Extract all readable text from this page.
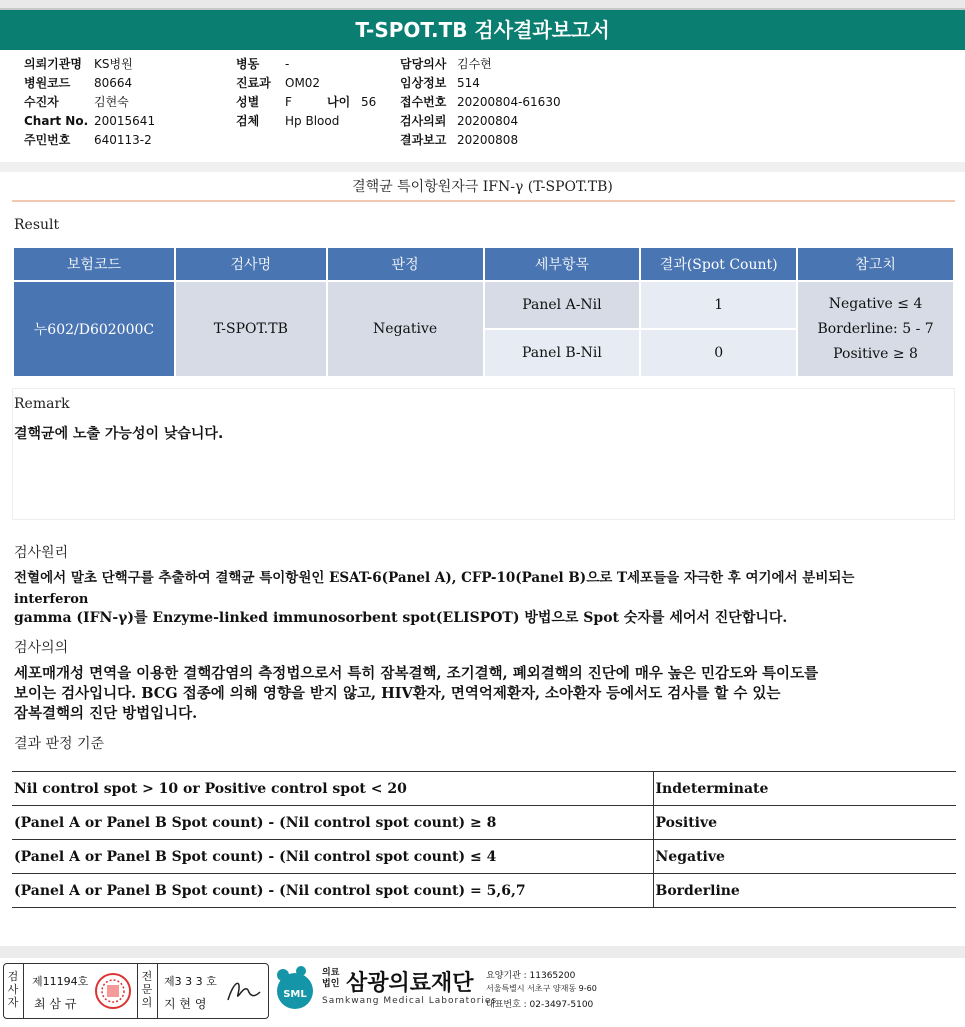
T-SPOT.TB 검사결과보고서
의뢰기관명 KS병원
병원코드 80664
수진자	김현숙
Chart No. 20015641
주민번호 640113-2
병동 -
진료과 OM02
성별 F	나이 56
검체 Hp Blood
담당의사 김수현
임상정보 514
접수번호 20200804-61630
검사의뢰 20200804
결과보고 20200808
결핵균 특이항원자극 IFN-γ (T-SPOT.TB)
Result
보험코드	검사명	판정	세부항목	결과(Spot Count)	참고치
누602/D602000C	T-SPOT.TB	Negative	Panel A-Nil	1	Negative ≤ 4
Borderline: 5 - 7
Positive ≥ 8

			Panel B-Nil	0	
Remark
결핵균에 노출 가능성이 낮습니다.
검사원리
전혈에서 말초 단핵구를 추출하여 결핵균 특이항원인 ESAT-6(Panel A), CFP-10(Panel B)으로 T세포들을 자극한 후 여기에서 분비되는
interferon
gamma (IFN-γ)를 Enzyme-linked immunosorbent spot(ELISPOT) 방법으로 Spot 숫자를 세어서 진단합니다.
검사의의
세포매개성 면역을 이용한 결핵감염의 측정법으로서 특히 잠복결핵, 조기결핵, 폐외결핵의 진단에 매우 높은 민감도와 특이도를
보이는 검사입니다. BCG 접종에 의해 영향을 받지 않고, HIV환자, 면역억제환자, 소아환자 등에서도 검사를 할 수 있는
잠복결핵의 진단 방법입니다.
결과 판정 기준
Nil control spot > 10 or Positive control spot < 20	Indeterminate
(Panel A or Panel B Spot count) - (Nil control spot count) ≥ 8	Positive
(Panel A or Panel B Spot count) - (Nil control spot count) ≤ 4	Negative
(Panel A or Panel B Spot count) - (Nil control spot count) = 5,6,7	Borderline
검사자
제11194호
최 삼 규
전문의
제3 3 3 호
지 현 영
SML
의료법인 삼광의료재단
Samkwang Medical Laboratories
요양기관 : 11365200
서울특별시 서초구 양재동 9-60
대표번호 : 02-3497-5100
